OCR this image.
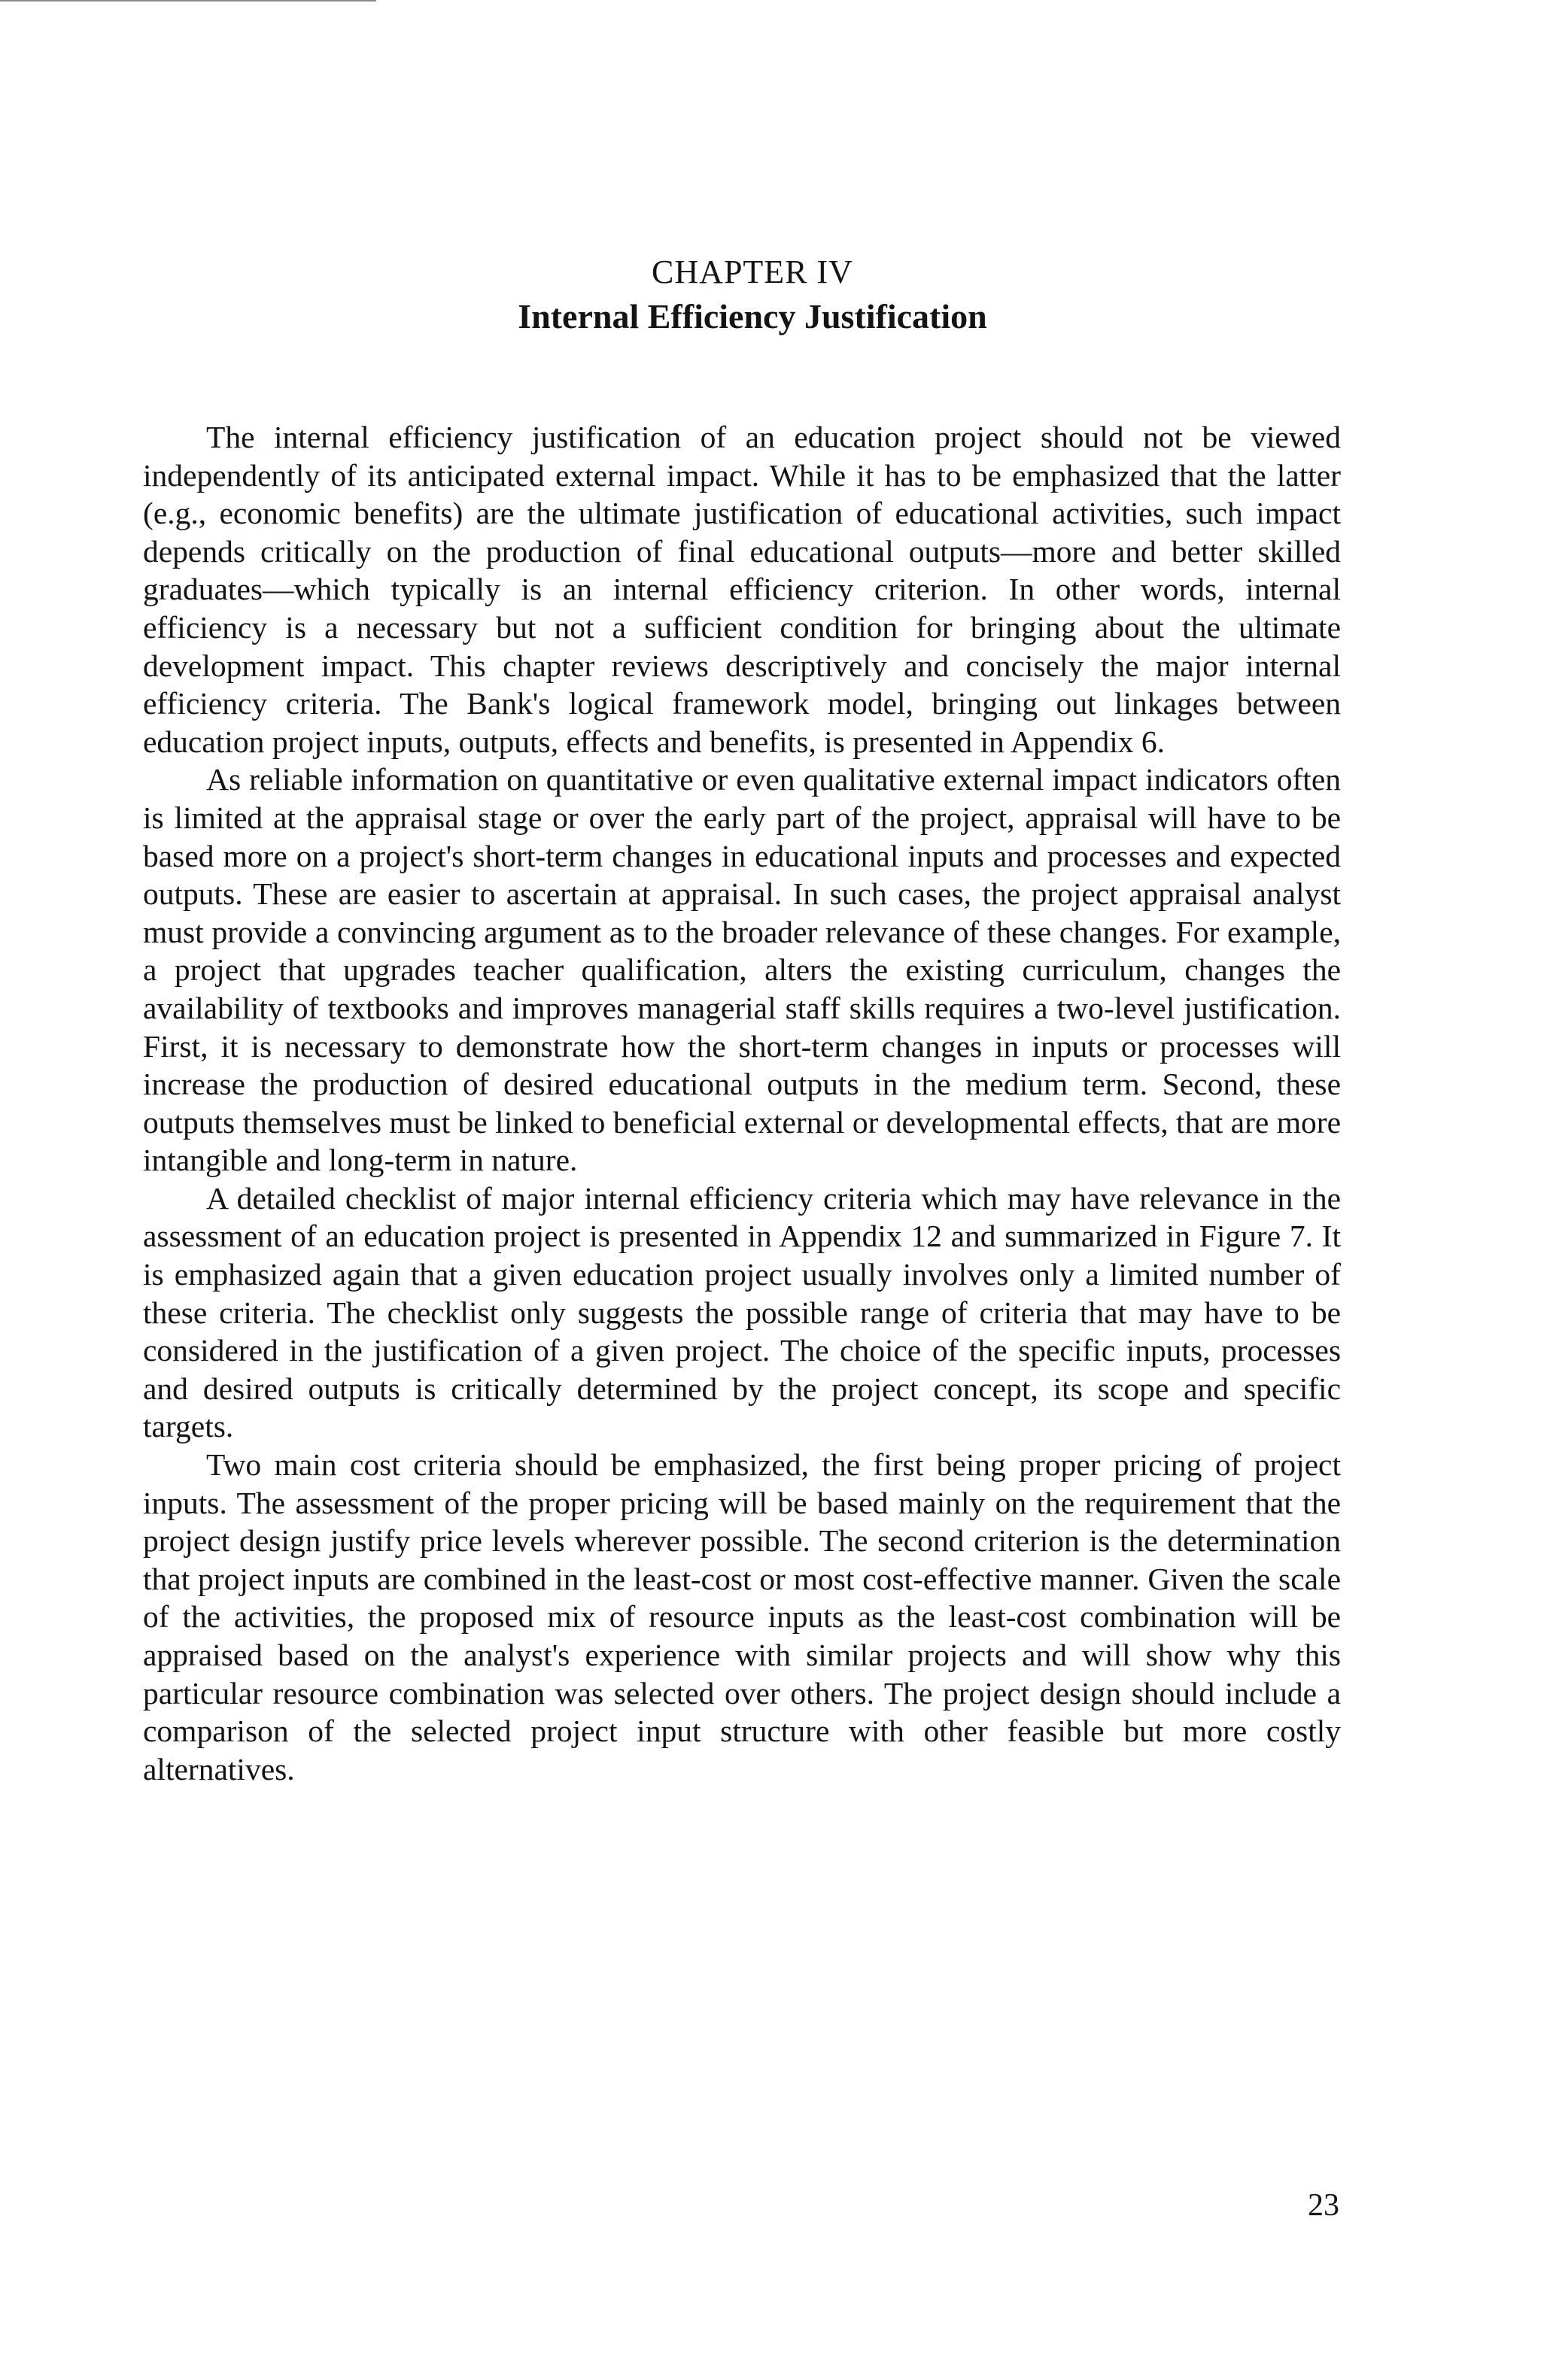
CHAPTER IV
Internal Efficiency Justification

The internal efficiency justification of an education project should not be viewed independently of its anticipated external impact. While it has to be emphasized that the latter (e.g., economic benefits) are the ultimate justification of educational activities, such impact depends critically on the production of final educational outputs—more and better skilled graduates—which typically is an internal efficiency criterion. In other words, internal efficiency is a necessary but not a sufficient condition for bringing about the ultimate development impact. This chapter reviews descriptively and concisely the major internal efficiency criteria. The Bank's logical framework model, bringing out linkages between education project inputs, outputs, effects and benefits, is presented in Appendix 6.

As reliable information on quantitative or even qualitative external impact indicators often is limited at the appraisal stage or over the early part of the project, appraisal will have to be based more on a project's short-term changes in educational inputs and processes and expected outputs. These are easier to ascertain at appraisal. In such cases, the project appraisal analyst must provide a convincing argument as to the broader relevance of these changes. For example, a project that upgrades teacher qualification, alters the existing curriculum, changes the availability of textbooks and improves managerial staff skills requires a two-level justification. First, it is necessary to demonstrate how the short-term changes in inputs or processes will increase the production of desired educational outputs in the medium term. Second, these outputs themselves must be linked to beneficial external or developmental effects, that are more intangible and long-term in nature.

A detailed checklist of major internal efficiency criteria which may have relevance in the assessment of an education project is presented in Appendix 12 and summarized in Figure 7. It is emphasized again that a given education project usually involves only a limited number of these criteria. The checklist only suggests the possible range of criteria that may have to be considered in the justification of a given project. The choice of the specific inputs, processes and desired outputs is critically determined by the project concept, its scope and specific targets.

Two main cost criteria should be emphasized, the first being proper pricing of project inputs. The assessment of the proper pricing will be based mainly on the requirement that the project design justify price levels wherever possible. The second criterion is the determination that project inputs are combined in the least-cost or most cost-effective manner. Given the scale of the activities, the proposed mix of resource inputs as the least-cost combination will be appraised based on the analyst's experience with similar projects and will show why this particular resource combination was selected over others. The project design should include a comparison of the selected project input structure with other feasible but more costly alternatives.

23
